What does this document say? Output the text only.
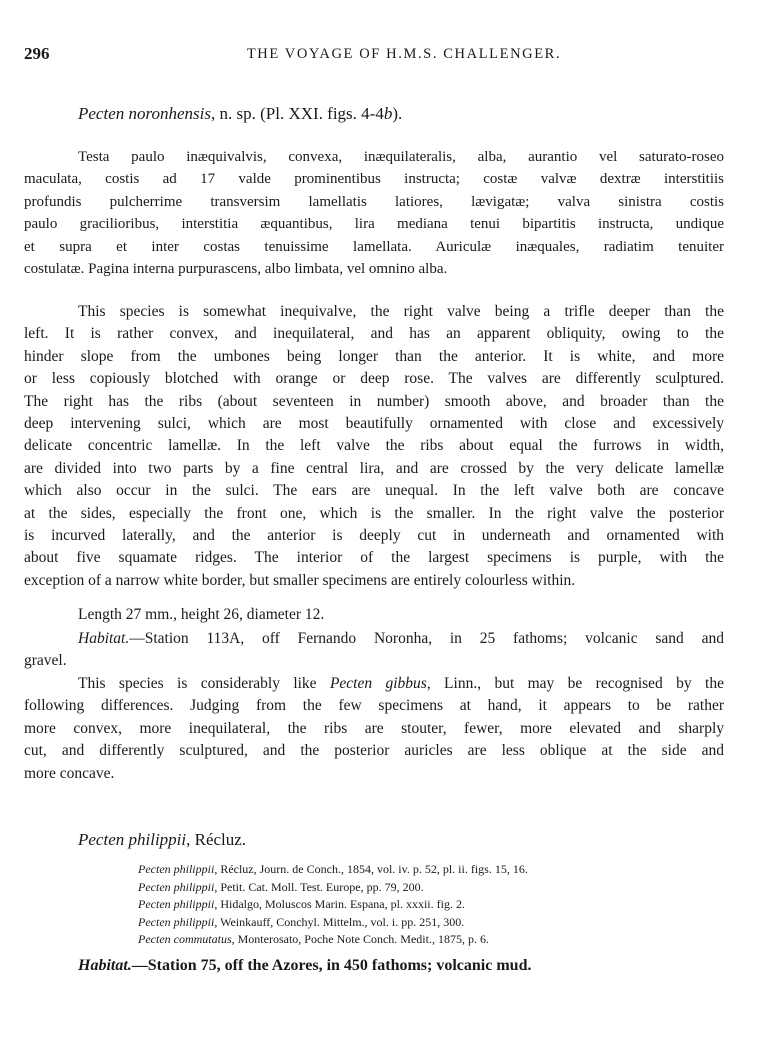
296	THE VOYAGE OF H.M.S. CHALLENGER.
Pecten noronhensis, n. sp. (Pl. XXI. figs. 4-4b).
Testa paulo inæquivalvis, convexa, inæquilateralis, alba, aurantio vel saturato-roseo
maculata, costis ad 17 valde prominentibus instructa; costæ valvæ dextræ interstitiis
profundis pulcherrime transversim lamellatis latiores, lævigatæ; valva sinistra costis
paulo gracilioribus, interstitia æquantibus, lira mediana tenui bipartitis instructa, undique
et supra et inter costas tenuissime lamellata. Auriculæ inæquales, radiatim tenuiter
costulatæ. Pagina interna purpurascens, albo limbata, vel omnino alba.
This species is somewhat inequivalve, the right valve being a trifle deeper than the
left. It is rather convex, and inequilateral, and has an apparent obliquity, owing to the
hinder slope from the umbones being longer than the anterior. It is white, and more
or less copiously blotched with orange or deep rose. The valves are differently sculptured.
The right has the ribs (about seventeen in number) smooth above, and broader than the
deep intervening sulci, which are most beautifully ornamented with close and excessively
delicate concentric lamellæ. In the left valve the ribs about equal the furrows in width,
are divided into two parts by a fine central lira, and are crossed by the very delicate lamellæ
which also occur in the sulci. The ears are unequal. In the left valve both are concave
at the sides, especially the front one, which is the smaller. In the right valve the posterior
is incurved laterally, and the anterior is deeply cut in underneath and ornamented with
about five squamate ridges. The interior of the largest specimens is purple, with the
exception of a narrow white border, but smaller specimens are entirely colourless within.
Length 27 mm., height 26, diameter 12.
Habitat.—Station 113A, off Fernando Noronha, in 25 fathoms; volcanic sand and
gravel.
This species is considerably like Pecten gibbus, Linn., but may be recognised by the
following differences. Judging from the few specimens at hand, it appears to be rather
more convex, more inequilateral, the ribs are stouter, fewer, more elevated and sharply
cut, and differently sculptured, and the posterior auricles are less oblique at the side and
more concave.
Pecten philippii, Récluz.
Pecten philippii, Récluz, Journ. de Conch., 1854, vol. iv. p. 52, pl. ii. figs. 15, 16.
Pecten philippii, Petit. Cat. Moll. Test. Europe, pp. 79, 200.
Pecten philippii, Hidalgo, Moluscos Marin. Espana, pl. xxxii. fig. 2.
Pecten philippii, Weinkauff, Conchyl. Mittelm., vol. i. pp. 251, 300.
Pecten commutatus, Monterosato, Poche Note Conch. Medit., 1875, p. 6.
Habitat.—Station 75, off the Azores, in 450 fathoms; volcanic mud.
